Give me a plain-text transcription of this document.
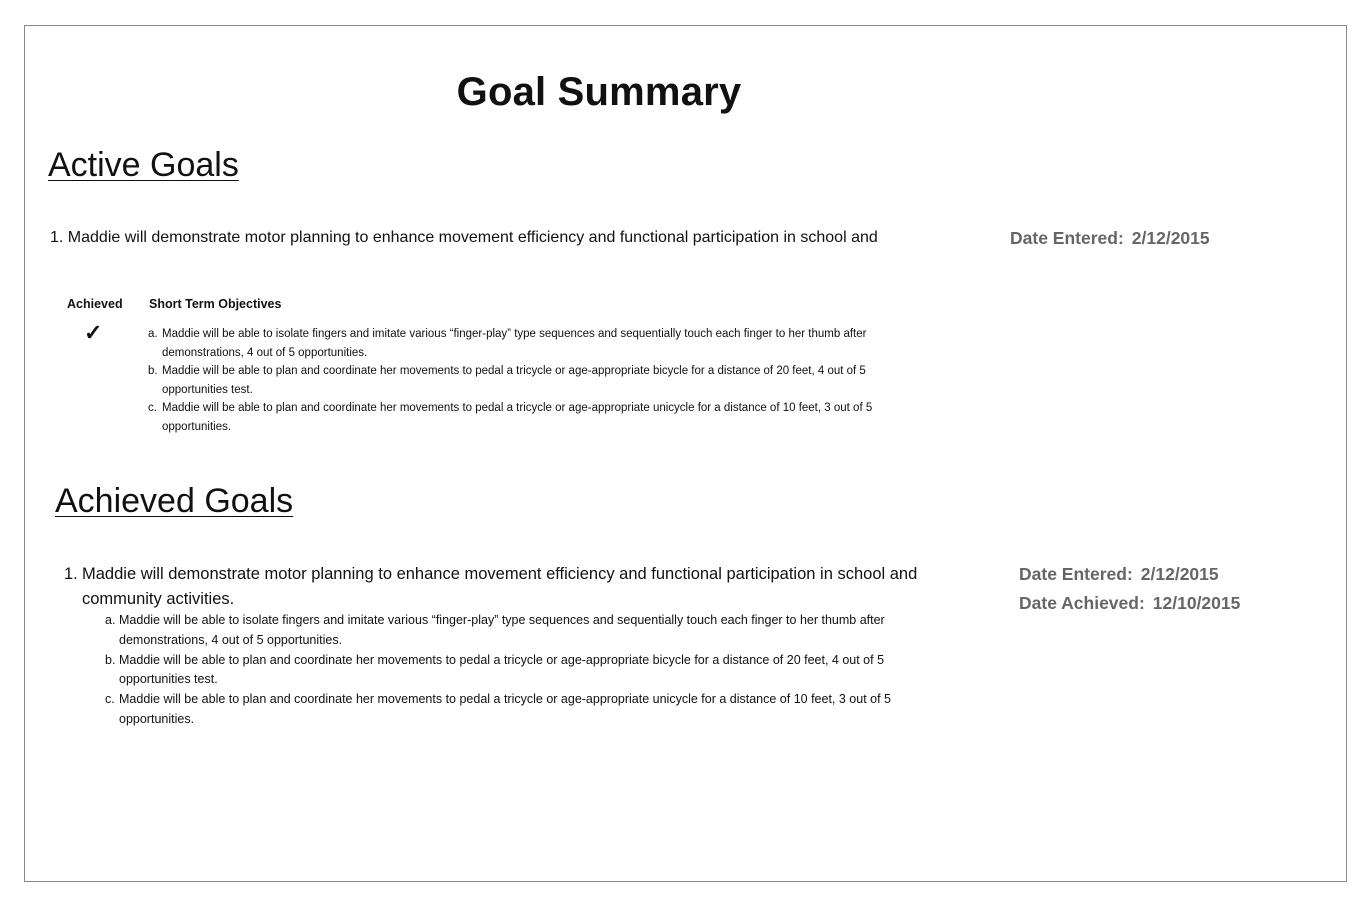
Goal Summary
Active Goals
1. Maddie will demonstrate motor planning to enhance movement efficiency and functional participation in school and	Date Entered: 2/12/2015
Achieved Short Term Objectives
✓	a. Maddie will be able to isolate fingers and imitate various “finger-play” type sequences and sequentially touch each finger to her thumb after demonstrations, 4 out of 5 opportunities.
b. Maddie will be able to plan and coordinate her movements to pedal a tricycle or age-appropriate bicycle for a distance of 20 feet, 4 out of 5 opportunities test.
c. Maddie will be able to plan and coordinate her movements to pedal a tricycle or age-appropriate unicycle for a distance of 10 feet, 3 out of 5 opportunities.
Achieved Goals
1. Maddie will demonstrate motor planning to enhance movement efficiency and functional participation in school and community activities.
Date Entered: 2/12/2015
Date Achieved: 12/10/2015
a. Maddie will be able to isolate fingers and imitate various “finger-play” type sequences and sequentially touch each finger to her thumb after demonstrations, 4 out of 5 opportunities.
b. Maddie will be able to plan and coordinate her movements to pedal a tricycle or age-appropriate bicycle for a distance of 20 feet, 4 out of 5 opportunities test.
c. Maddie will be able to plan and coordinate her movements to pedal a tricycle or age-appropriate unicycle for a distance of 10 feet, 3 out of 5 opportunities.
